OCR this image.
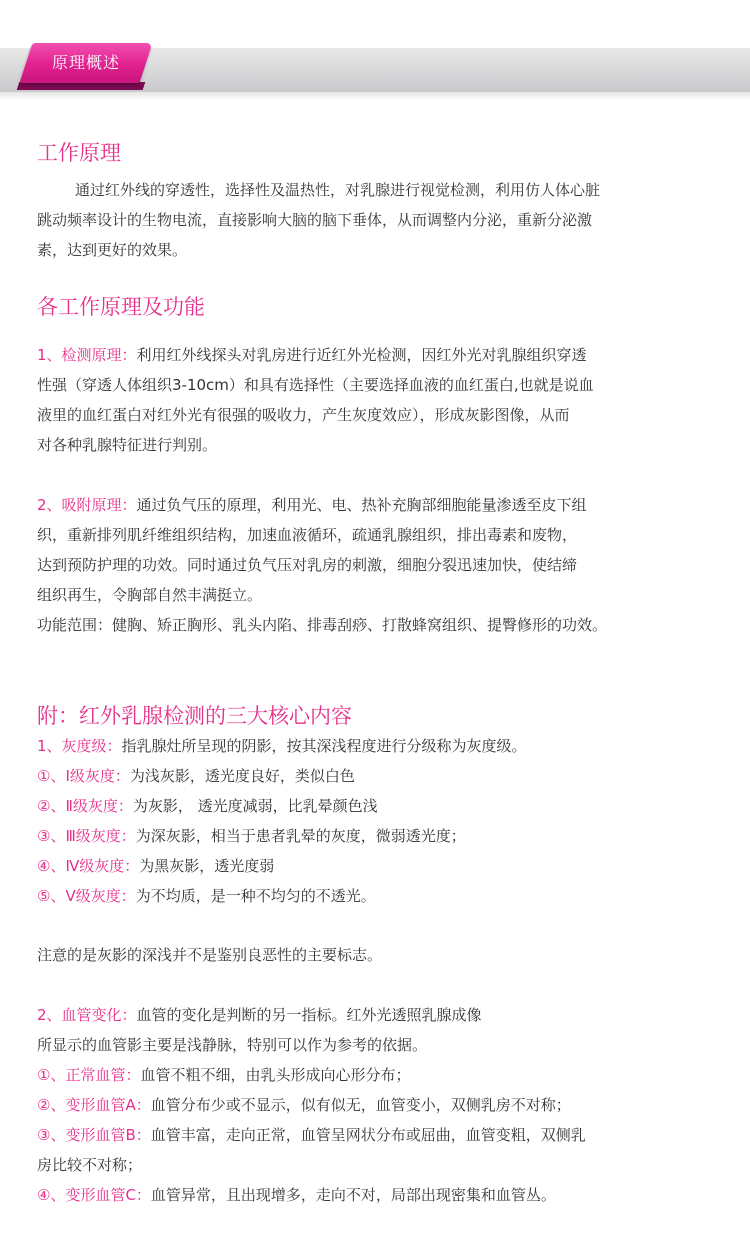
原理概述
工作原理
通过红外线的穿透性，选择性及温热性，对乳腺进行视觉检测，利用仿人体心脏
跳动频率设计的生物电流，直接影响大脑的脑下垂体，从而调整内分泌，重新分泌激
素，达到更好的效果。
各工作原理及功能
1、检测原理：利用红外线探头对乳房进行近红外光检测，因红外光对乳腺组织穿透
性强（穿透人体组织3-10cm）和具有选择性（主要选择血液的血红蛋白,也就是说血
液里的血红蛋白对红外光有很强的吸收力，产生灰度效应），形成灰影图像，从而
对各种乳腺特征进行判别。
2、吸附原理：通过负气压的原理，利用光、电、热补充胸部细胞能量渗透至皮下组
织，重新排列肌纤维组织结构，加速血液循环，疏通乳腺组织，排出毒素和废物，
达到预防护理的功效。同时通过负气压对乳房的刺激，细胞分裂迅速加快，使结缔
组织再生，令胸部自然丰满挺立。
功能范围：健胸、矫正胸形、乳头内陷、排毒刮痧、打散蜂窝组织、提臀修形的功效。
附：红外乳腺检测的三大核心内容
1、灰度级：指乳腺灶所呈现的阴影，按其深浅程度进行分级称为灰度级。
①、Ⅰ级灰度：为浅灰影，透光度良好，类似白色
②、Ⅱ级灰度：为灰影， 透光度减弱，比乳晕颜色浅
③、Ⅲ级灰度：为深灰影，相当于患者乳晕的灰度，微弱透光度；
④、Ⅳ级灰度：为黑灰影，透光度弱
⑤、Ⅴ级灰度：为不均质，是一种不均匀的不透光。
注意的是灰影的深浅并不是鉴别良恶性的主要标志。
2、血管变化：血管的变化是判断的另一指标。红外光透照乳腺成像
所显示的血管影主要是浅静脉，特别可以作为参考的依据。
①、正常血管：血管不粗不细，由乳头形成向心形分布；
②、变形血管A：血管分布少或不显示，似有似无，血管变小，双侧乳房不对称；
③、变形血管B：血管丰富，走向正常，血管呈网状分布或屈曲，血管变粗，双侧乳
房比较不对称；
④、变形血管C：血管异常，且出现增多，走向不对，局部出现密集和血管丛。
